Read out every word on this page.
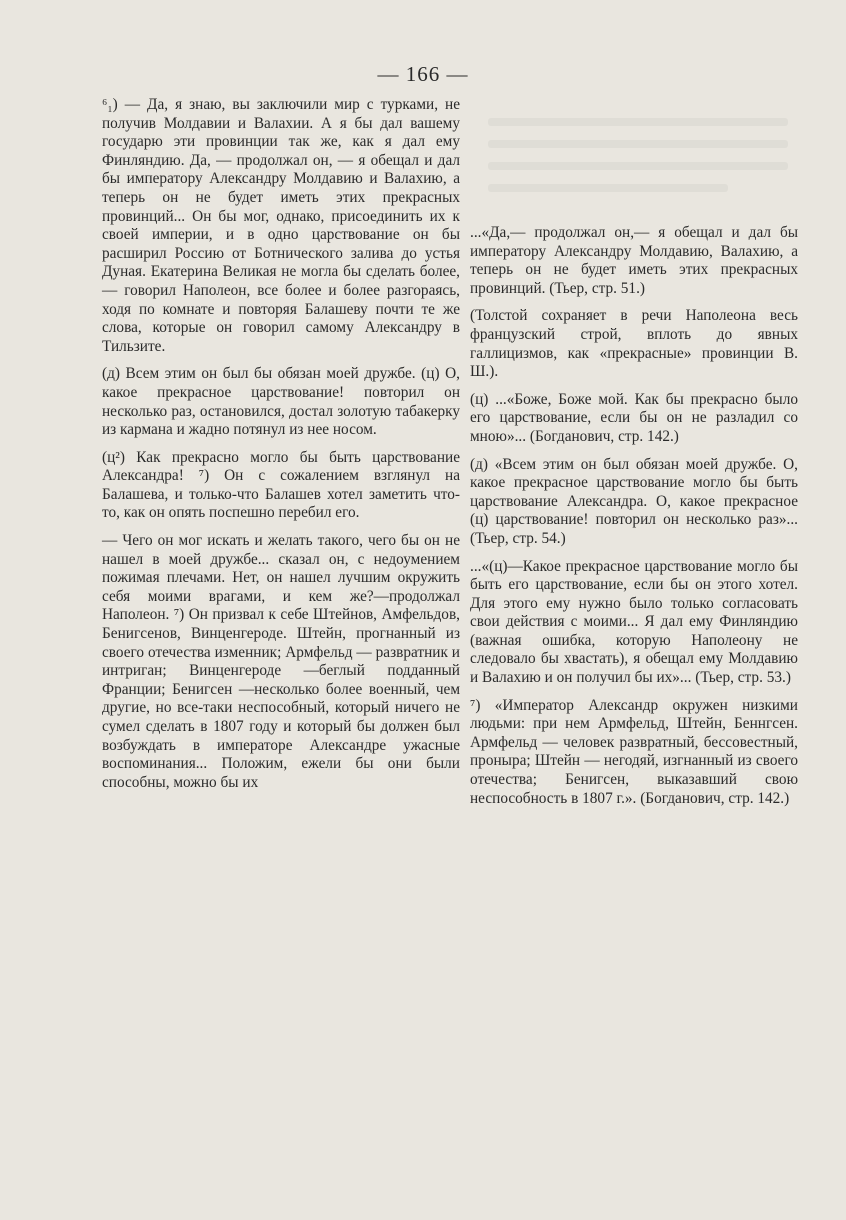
— 166 —

⁶₁) — Да, я знаю, вы заключили мир с турками, не получив Молдавии и Валахии. А я бы дал вашему государю эти провинции так же, как я дал ему Финляндию. Да, — продолжал он, — я обещал и дал бы императору Александру Молдавию и Валахию, а теперь он не будет иметь этих прекрасных провинций... Он бы мог, однако, присоединить их к своей империи, и в одно царствование он бы расширил Россию от Ботнического залива до устья Дуная. Екатерина Великая не могла бы сделать более,— говорил Наполеон, все более и более разгораясь, ходя по комнате и повторяя Балашеву почти те же слова, которые он говорил самому Александру в Тильзите.

(д) Всем этим он был бы обязан моей дружбе. (ц) О, какое прекрасное царствование! повторил он несколько раз, остановился, достал золотую табакерку из кармана и жадно потянул из нее носом.

(ц²) Как прекрасно могло бы быть царствование Александра! ⁷) Он с сожалением взглянул на Балашева, и только-что Балашев хотел заметить что-то, как он опять поспешно перебил его.

— Чего он мог искать и желать такого, чего бы он не нашел в моей дружбе... сказал он, с недоумением пожимая плечами. Нет, он нашел лучшим окружить себя моими врагами, и кем же?—продолжал Наполеон. ⁷) Он призвал к себе Штейнов, Амфельдов, Бенигсенов, Винценгероде. Штейн, прогнанный из своего отечества изменник; Армфельд — развратник и интриган; Винценгероде —беглый подданный Франции; Бенигсен —несколько более военный, чем другие, но все-таки неспособный, который ничего не сумел сделать в 1807 году и который бы должен был возбуждать в императоре Александре ужасные воспоминания... Положим, ежели бы они были способны, можно бы их

...«Да,— продолжал он,— я обещал и дал бы императору Александру Молдавию, Валахию, а теперь он не будет иметь этих прекрасных провинций. (Тьер, стр. 51.)

(Толстой сохраняет в речи Наполеона весь французский строй, вплоть до явных галлицизмов, как «прекрасные» провинции В. Ш.).

(ц) ...«Боже, Боже мой. Как бы прекрасно было его царствование, если бы он не разладил со мною»... (Богданович, стр. 142.)

(д) «Всем этим он был обязан моей дружбе. О, какое прекрасное царствование могло бы быть царствование Александра. О, какое прекрасное (ц) царствование! повторил он несколько раз»... (Тьер, стр. 54.)

...«(ц)—Какое прекрасное царствование могло бы быть его царствование, если бы он этого хотел. Для этого ему нужно было только согласовать свои действия с моими... Я дал ему Финляндию (важная ошибка, которую Наполеону не следовало бы хвастать), я обещал ему Молдавию и Валахию и он получил бы их»... (Тьер, стр. 53.)

⁷) «Император Александр окружен низкими людьми: при нем Армфельд, Штейн, Беннгсен. Армфельд — человек развратный, бессовестный, проныра; Штейн — негодяй, изгнанный из своего отечества; Бенигсен, выказавший свою неспособность в 1807 г.». (Богданович, стр. 142.)
